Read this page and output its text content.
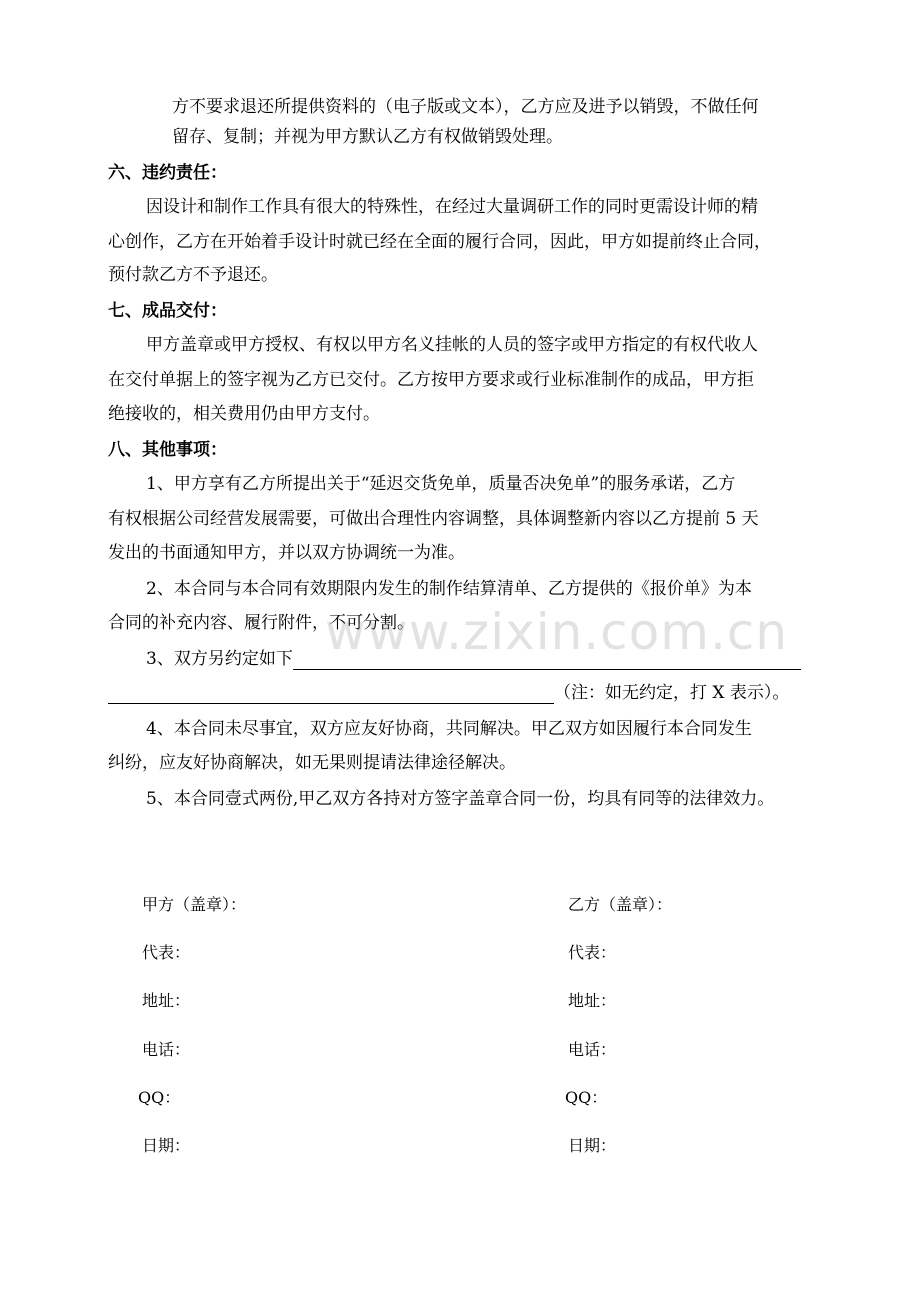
方不要求退还所提供资料的（电子版或文本），乙方应及进予以销毁，不做任何
留存、复制；并视为甲方默认乙方有权做销毁处理。
六、违约责任：
因设计和制作工作具有很大的特殊性，在经过大量调研工作的同时更需设计师的精
心创作，乙方在开始着手设计时就已经在全面的履行合同，因此，甲方如提前终止合同，
预付款乙方不予退还。
七、成品交付：
甲方盖章或甲方授权、有权以甲方名义挂帐的人员的签字或甲方指定的有权代收人
在交付单据上的签字视为乙方已交付。乙方按甲方要求或行业标准制作的成品，甲方拒
绝接收的，相关费用仍由甲方支付。
八、其他事项：
1、甲方享有乙方所提出关于“延迟交货免单，质量否决免单”的服务承诺，乙方
有权根据公司经营发展需要，可做出合理性内容调整，具体调整新内容以乙方提前 5 天
发出的书面通知甲方，并以双方协调统一为准。
2、本合同与本合同有效期限内发生的制作结算清单、乙方提供的《报价单》为本
合同的补充内容、履行附件，不可分割。
3、双方另约定如下
（注：如无约定，打 X 表示）。
4、本合同未尽事宜，双方应友好协商，共同解决。甲乙双方如因履行本合同发生
纠纷，应友好协商解决，如无果则提请法律途径解决。
5、本合同壹式两份,甲乙双方各持对方签字盖章合同一份，均具有同等的法律效力。
www.zixin.com.cn
甲方（盖章）：
代表：
地址：
电话：
QQ：
日期：
乙方（盖章）：
代表：
地址：
电话：
QQ：
日期：
